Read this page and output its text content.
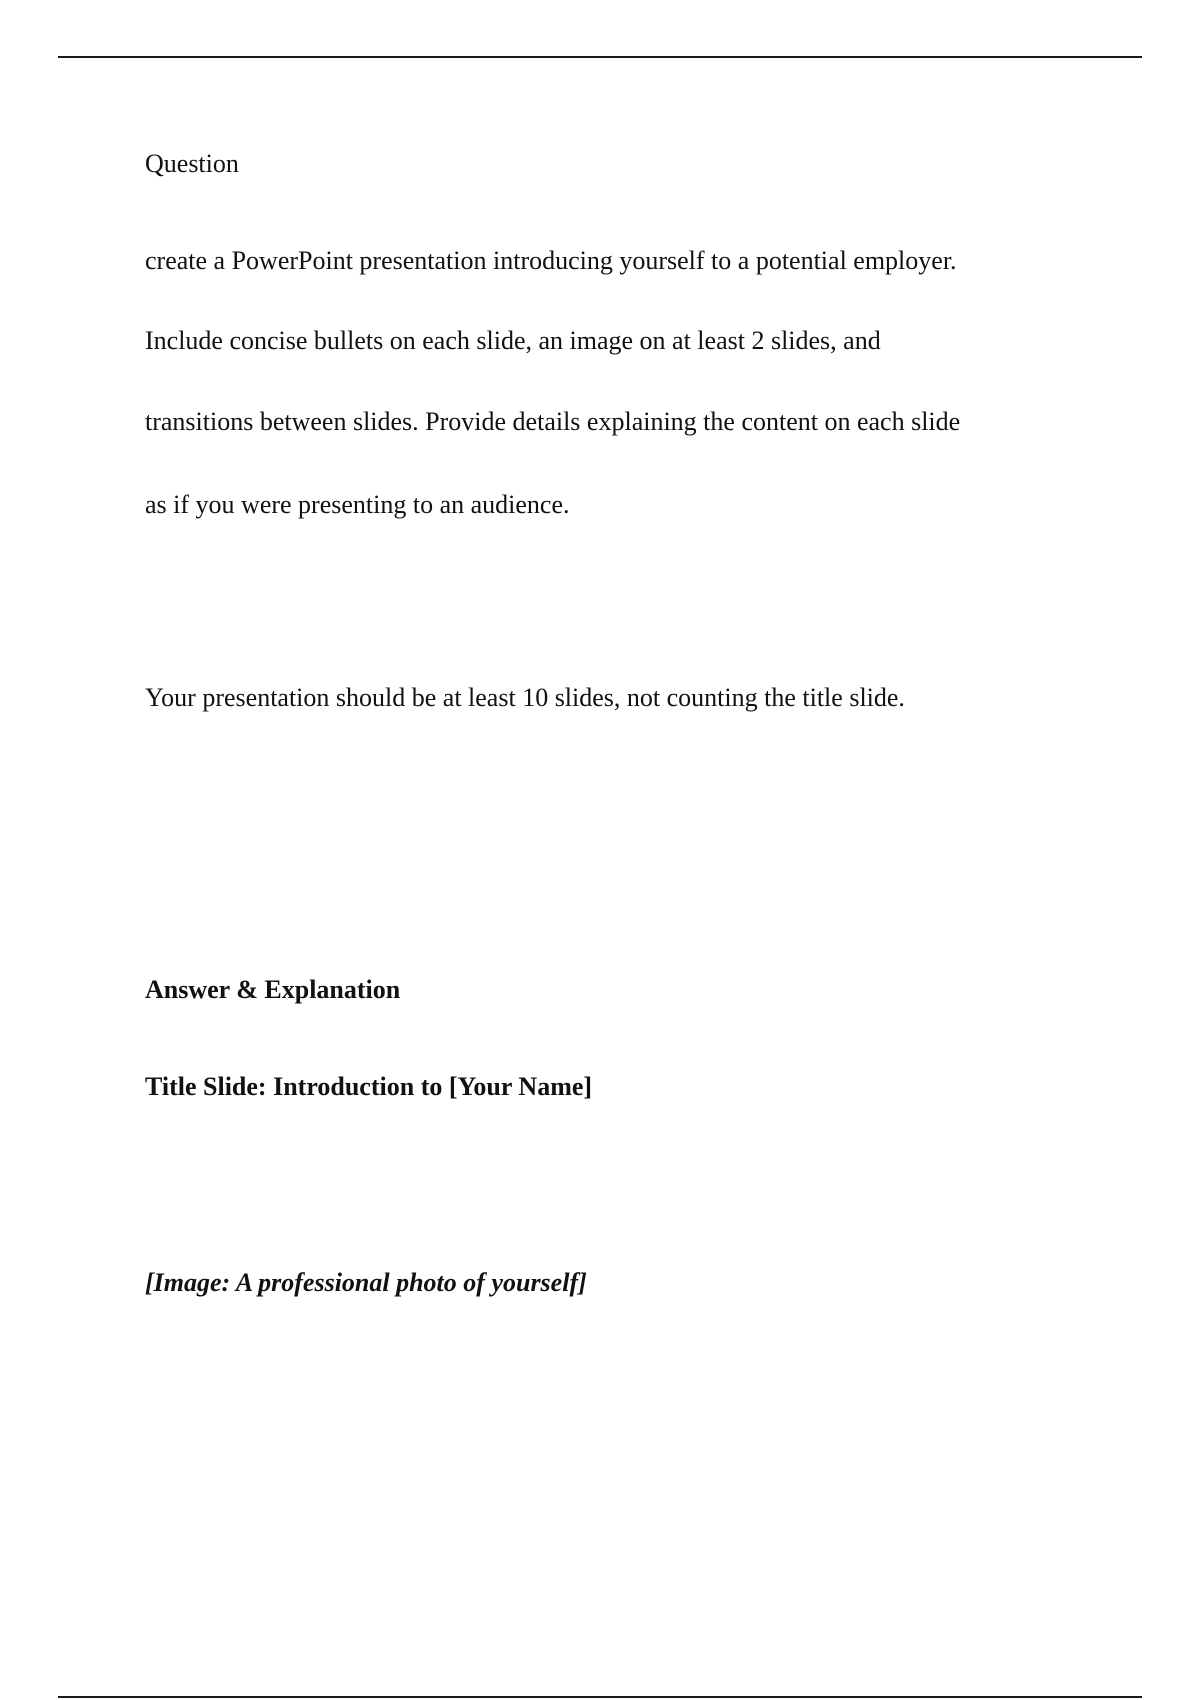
Question
create a PowerPoint presentation introducing yourself to a potential employer.
Include concise bullets on each slide, an image on at least 2 slides, and
transitions between slides. Provide details explaining the content on each slide
as if you were presenting to an audience.
Your presentation should be at least 10 slides, not counting the title slide.
Answer & Explanation
Title Slide: Introduction to [Your Name]
[Image: A professional photo of yourself]
